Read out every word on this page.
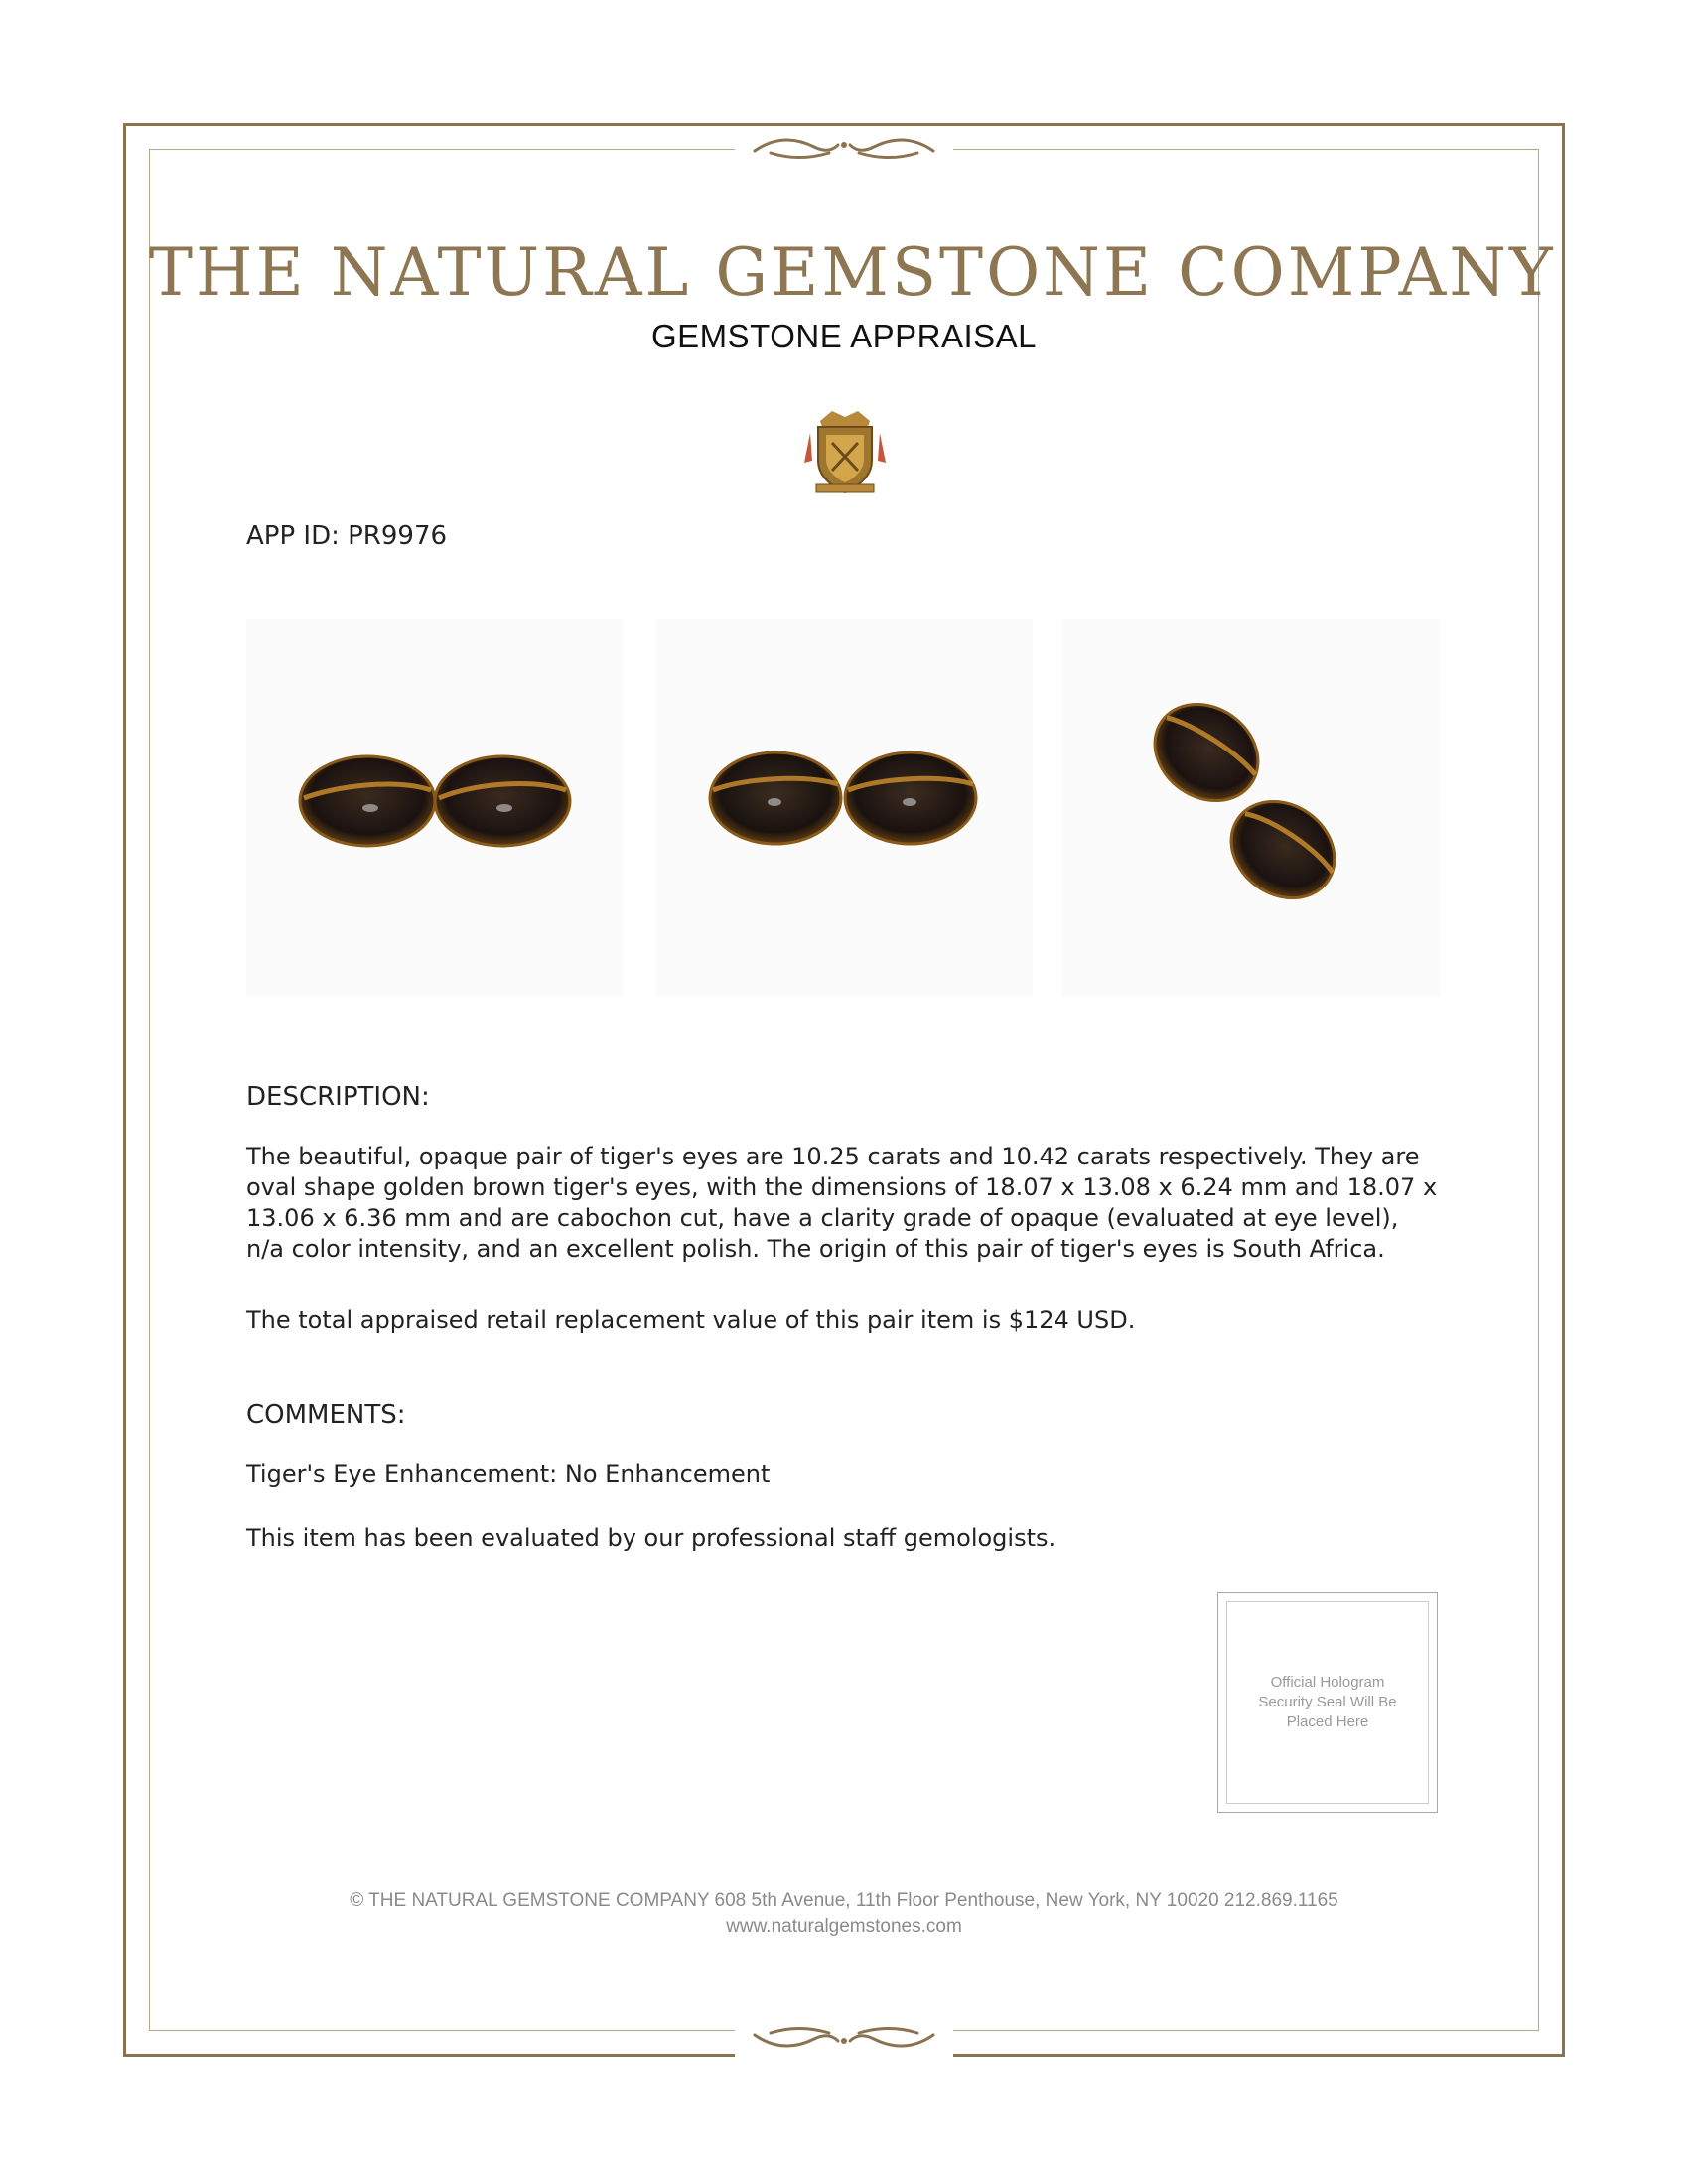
THE NATURAL GEMSTONE COMPANY
GEMSTONE APPRAISAL
APP ID: PR9976
DESCRIPTION:
The beautiful, opaque pair of tiger's eyes are 10.25 carats and 10.42 carats respectively. They are oval shape golden brown tiger's eyes, with the dimensions of 18.07 x 13.08 x 6.24 mm and 18.07 x 13.06 x 6.36 mm and are cabochon cut, have a clarity grade of opaque (evaluated at eye level), n/a color intensity, and an excellent polish. The origin of this pair of tiger's eyes is South Africa.
The total appraised retail replacement value of this pair item is $124 USD.
COMMENTS:
Tiger's Eye Enhancement: No Enhancement
This item has been evaluated by our professional staff gemologists.
Official Hologram Security Seal Will Be Placed Here
© THE NATURAL GEMSTONE COMPANY 608 5th Avenue, 11th Floor Penthouse, New York, NY 10020 212.869.1165
www.naturalgemstones.com
